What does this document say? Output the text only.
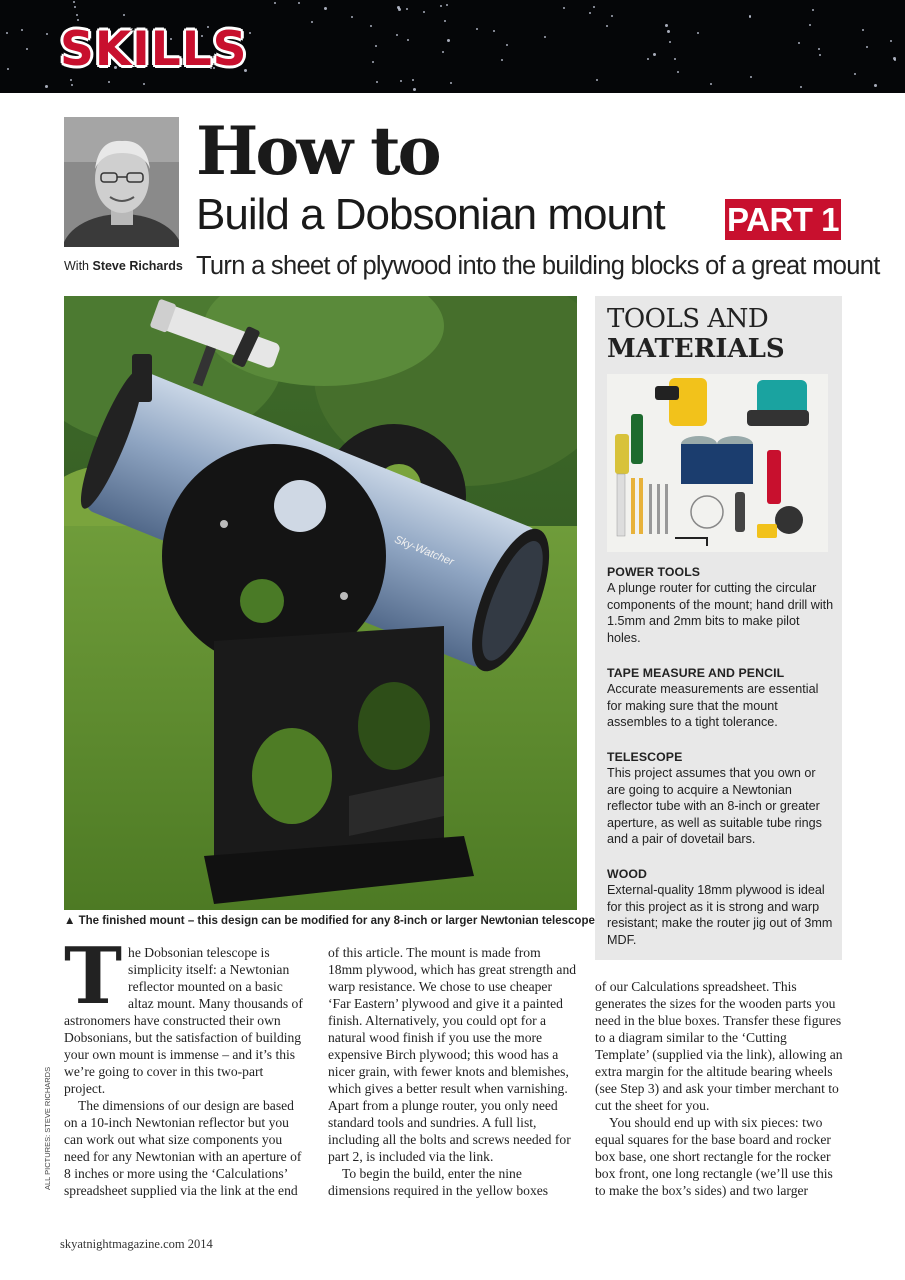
SKILLS
With Steve Richards
How to
Build a Dobsonian mount PART 1
Turn a sheet of plywood into the building blocks of a great mount
Sky-Watcher
▲ The finished mount – this design can be modified for any 8-inch or larger Newtonian telescope
TOOLS AND
MATERIALS
POWER TOOLS

A plunge router for cutting the circular components of the mount; hand drill with 1.5mm and 2mm bits to make pilot holes.

TAPE MEASURE AND PENCIL

Accurate measurements are essential for making sure that the mount assembles to a tight tolerance.

TELESCOPE

This project assumes that you own or are going to acquire a Newtonian reflector tube with an 8-inch or greater aperture, as well as suitable tube rings and a pair of dovetail bars.

WOOD

External-quality 18mm plywood is ideal for this project as it is strong and warp resistant; make the router jig out of 3mm MDF.

The Dobsonian telescope is simplicity itself: a Newtonian reflector mounted on a basic altaz mount. Many thousands of astronomers have constructed their own Dobsonians, but the satisfaction of building your own mount is immense – and it’s this we’re going to cover in this two-part project.

The dimensions of our design are based on a 10-inch Newtonian reflector but you can work out what size components you need for any Newtonian with an aperture of 8 inches or more using the ‘Calculations’ spreadsheet supplied via the link at the end

of this article. The mount is made from 18mm plywood, which has great strength and warp resistance. We chose to use cheaper ‘Far Eastern’ plywood and give it a painted finish. Alternatively, you could opt for a natural wood finish if you use the more expensive Birch plywood; this wood has a nicer grain, with fewer knots and blemishes, which gives a better result when varnishing. Apart from a plunge router, you only need standard tools and sundries. A full list, including all the bolts and screws needed for part 2, is included via the link.

To begin the build, enter the nine dimensions required in the yellow boxes

of our Calculations spreadsheet. This generates the sizes for the wooden parts you need in the blue boxes. Transfer these figures to a diagram similar to the ‘Cutting Template’ (supplied via the link), allowing an extra margin for the altitude bearing wheels (see Step 3) and ask your timber merchant to cut the sheet for you.

You should end up with six pieces: two equal squares for the base board and rocker box base, one short rectangle for the rocker box front, one long rectangle (we’ll use this to make the box’s sides) and two larger

ALL PICTURES: STEVE RICHARDS
skyatnightmagazine.com 2014
